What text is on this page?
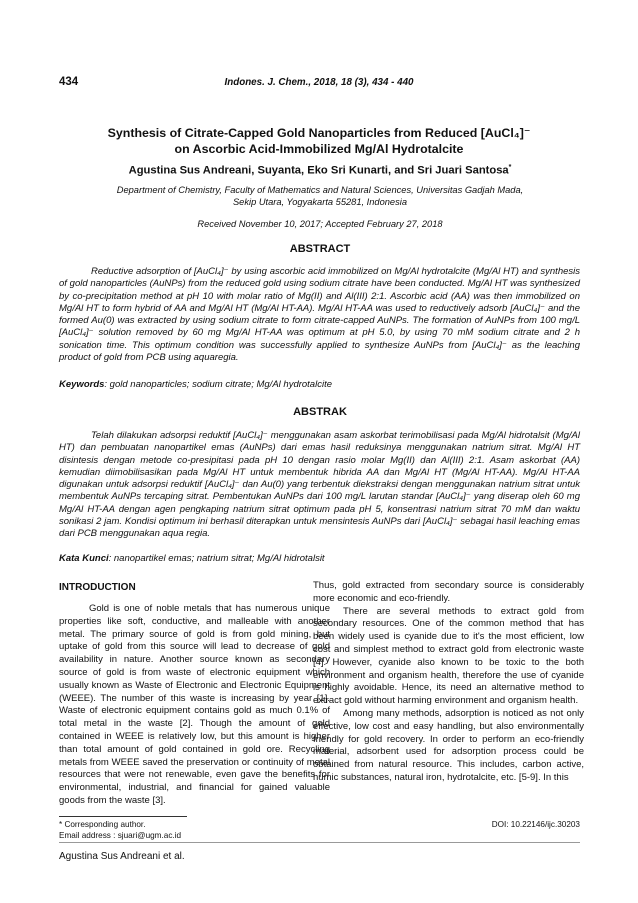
434	Indones. J. Chem., 2018, 18 (3), 434 - 440
Synthesis of Citrate-Capped Gold Nanoparticles from Reduced [AuCl₄]⁻
on Ascorbic Acid-Immobilized Mg/Al Hydrotalcite
Agustina Sus Andreani, Suyanta, Eko Sri Kunarti, and Sri Juari Santosa*
Department of Chemistry, Faculty of Mathematics and Natural Sciences, Universitas Gadjah Mada,
Sekip Utara, Yogyakarta 55281, Indonesia
Received November 10, 2017; Accepted February 27, 2018
ABSTRACT
Reductive adsorption of [AuCl₄]⁻ by using ascorbic acid immobilized on Mg/Al hydrotalcite (Mg/Al HT) and synthesis of gold nanoparticles (AuNPs) from the reduced gold using sodium citrate have been conducted. Mg/Al HT was synthesized by co-precipitation method at pH 10 with molar ratio of Mg(II) and Al(III) 2:1. Ascorbic acid (AA) was then immobilized on Mg/Al HT to form hybrid of AA and Mg/Al HT (Mg/Al HT-AA). Mg/Al HT-AA was used to reductively adsorb [AuCl₄]⁻ and the formed Au(0) was extracted by using sodium citrate to form citrate-capped AuNPs. The formation of AuNPs from 100 mg/L [AuCl₄]⁻ solution removed by 60 mg Mg/Al HT-AA was optimum at pH 5.0, by using 70 mM sodium citrate and 2 h sonication time. This optimum condition was successfully applied to synthesize AuNPs from [AuCl₄]⁻ as the leaching product of gold from PCB using aquaregia.
Keywords: gold nanoparticles; sodium citrate; Mg/Al hydrotalcite
ABSTRAK
Telah dilakukan adsorpsi reduktif [AuCl₄]⁻ menggunakan asam askorbat terimobilisasi pada Mg/Al hidrotalsit (Mg/Al HT) dan pembuatan nanopartikel emas (AuNPs) dari emas hasil reduksinya menggunakan natrium sitrat. Mg/Al HT disintesis dengan metode co-presipitasi pada pH 10 dengan rasio molar Mg(II) dan Al(III) 2:1. Asam askorbat (AA) kemudian diimobilisasikan pada Mg/Al HT untuk membentuk hibrida AA dan Mg/Al HT (Mg/Al HT-AA). Mg/Al HT-AA digunakan untuk adsorpsi reduktif [AuCl₄]⁻ dan Au(0) yang terbentuk diekstraksi dengan menggunakan natrium sitrat untuk membentuk AuNPs tercaping sitrat. Pembentukan AuNPs dari 100 mg/L larutan standar [AuCl₄]⁻ yang diserap oleh 60 mg Mg/Al HT-AA dengan agen pengkaping natrium sitrat optimum pada pH 5, konsentrasi natrium sitrat 70 mM dan waktu sonikasi 2 jam. Kondisi optimum ini berhasil diterapkan untuk mensintesis AuNPs dari [AuCl₄]⁻ sebagai hasil leaching emas dari PCB menggunakan aqua regia.
Kata Kunci: nanopartikel emas; natrium sitrat; Mg/Al hidrotalsit
INTRODUCTION

Gold is one of noble metals that has numerous unique properties like soft, conductive, and malleable with another metal. The primary source of gold is from gold mining, but uptake of gold from this source will lead to decrease of gold availability in nature. Another source known as secondary source of gold is from waste of electronic equipment which usually known as Waste of Electronic and Electronic Equipment (WEEE). The number of this waste is increasing by year [1]. Waste of electronic equipment contains gold as much 0.1% of total metal in the waste [2]. Though the amount of gold contained in WEEE is relatively low, but this amount is higher than total amount of gold contained in gold ore. Recycling metals from WEEE saved the preservation or continuity of metal resources that were not renewable, even gave the benefits for environmental, industrial, and financial for gained valuable goods from the waste [3].

Thus, gold extracted from secondary source is considerably more economic and eco-friendly.

There are several methods to extract gold from secondary resources. One of the common method that has been widely used is cyanide due to it's the most efficient, low cost and simplest method to extract gold from electronic waste [4]. However, cyanide also known to be toxic to the both environment and organism health, therefore the use of cyanide is highly avoidable. Hence, its need an alternative method to extract gold without harming environment and organism health.

Among many methods, adsorption is noticed as not only effective, low cost and easy handling, but also environmentally friendly for gold recovery. In order to perform an eco-friendly material, adsorbent used for adsorption process could be obtained from natural resource. This includes, carbon active, humic substances, natural iron, hydrotalcite, etc. [5-9]. In this

* Corresponding author.
Email address : sjuari@ugm.ac.id
DOI: 10.22146/ijc.30203
Agustina Sus Andreani et al.
